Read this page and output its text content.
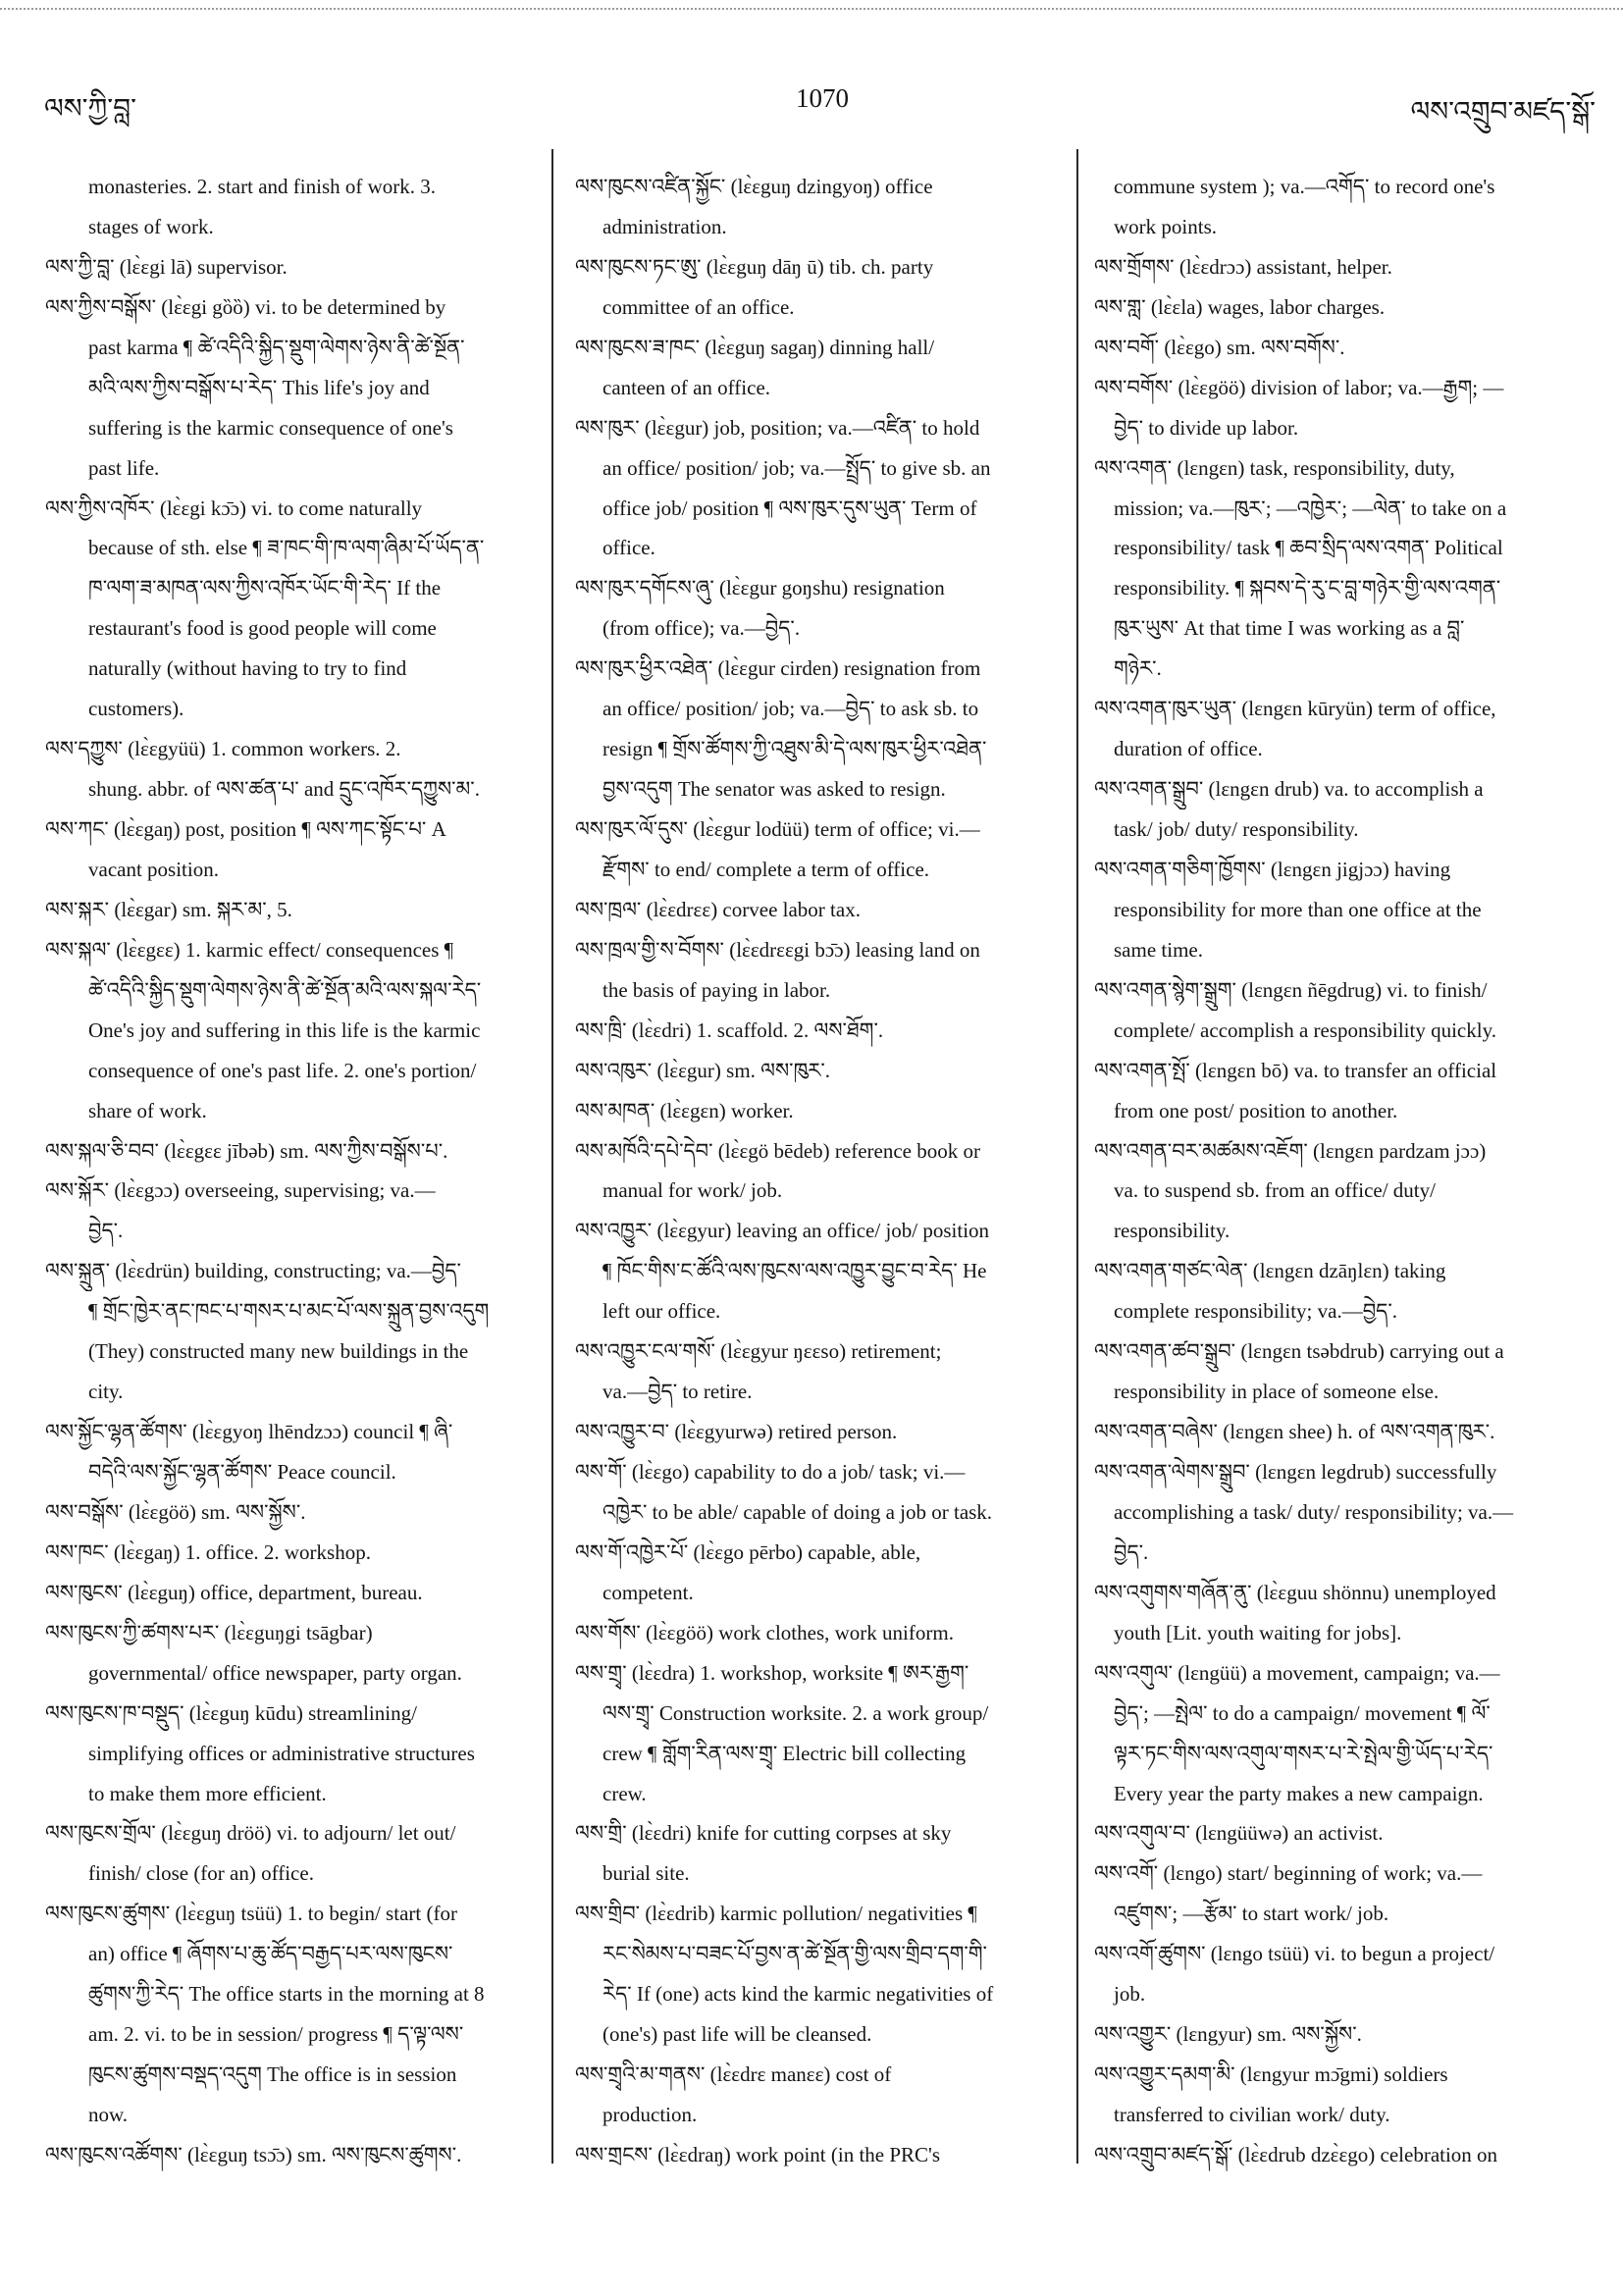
ལས་ཀྱི་བླ་	1070	ལས་འགྲུབ་མཛད་སྒོ་
monasteries. 2. start and finish of work. 3.
stages of work.
ལས་ཀྱི་བླ་ (lɛ̀ɛgi lā) supervisor.
ལས་ཀྱིས་བསྒོས་ (lɛ̀ɛgi gȍȍ) vi. to be determined by
past karma ¶ ཚེ་འདིའི་སྐྱིད་སྡུག་ལེགས་ཉེས་ནི་ཚེ་སྔོན་
མའི་ལས་ཀྱིས་བསྒོས་པ་རེད་ This life's joy and
suffering is the karmic consequence of one's
past life.
ལས་ཀྱིས་འཁོར་ (lɛ̀ɛgi kɔ̄ɔ) vi. to come naturally
because of sth. else ¶ ཟ་ཁང་གི་ཁ་ལག་ཞིམ་པོ་ཡོད་ན་
ཁ་ལག་ཟ་མཁན་ལས་ཀྱིས་འཁོར་ཡོང་གི་རེད་ If the
restaurant's food is good people will come
naturally (without having to try to find
customers).
ལས་དཀྱུས་ (lɛ̀ɛgyüü) 1. common workers. 2.
shung. abbr. of ལས་ཚན་པ་ and དྲུང་འཁོར་དཀྱུས་མ་.
ལས་ཀང་ (lɛ̀ɛgaŋ) post, position ¶ ལས་ཀང་སྟོང་པ་ A
vacant position.
ལས་སྐར་ (lɛ̀ɛgar) sm. སྐར་མ་, 5.
ལས་སྐལ་ (lɛ̀ɛgɛɛ) 1. karmic effect/ consequences ¶
ཚེ་འདིའི་སྐྱིད་སྡུག་ལེགས་ཉེས་ནི་ཚེ་སྔོན་མའི་ལས་སྐལ་རེད་
One's joy and suffering in this life is the karmic
consequence of one's past life. 2. one's portion/
share of work.
ལས་སྐལ་ཅི་བབ་ (lɛ̀ɛgɛɛ jībəb) sm. ལས་ཀྱིས་བསྒོས་པ་.
ལས་སྐོར་ (lɛ̀ɛgɔɔ) overseeing, supervising; va.—
བྱེད་.
ལས་སྐྲུན་ (lɛ̀ɛdrün) building, constructing; va.—བྱེད་
¶ གྲོང་ཁྱེར་ནང་ཁང་པ་གསར་པ་མང་པོ་ལས་སྐྲུན་བྱས་འདུག
(They) constructed many new buildings in the
city.
ལས་སྐྱོང་ལྷན་ཚོགས་ (lɛ̀ɛgyoŋ lhēndzɔɔ) council ¶ ཞི་
བདེའི་ལས་སྐྱོང་ལྷན་ཚོགས་ Peace council.
ལས་བསྒོས་ (lɛ̀ɛgöö) sm. ལས་སྐྱོས་.
ལས་ཁང་ (lɛ̀ɛgaŋ) 1. office. 2. workshop.
ལས་ཁུངས་ (lɛ̀ɛguŋ) office, department, bureau.
ལས་ཁུངས་ཀྱི་ཚགས་པར་ (lɛ̀ɛguŋgi tsāgbar)
governmental/ office newspaper, party organ.
ལས་ཁུངས་ཁ་བསྡུད་ (lɛ̀ɛguŋ kūdu) streamlining/
simplifying offices or administrative structures
to make them more efficient.
ལས་ཁུངས་གྲོལ་ (lɛ̀ɛguŋ dröö) vi. to adjourn/ let out/
finish/ close (for an) office.
ལས་ཁུངས་ཚུགས་ (lɛ̀ɛguŋ tsüü) 1. to begin/ start (for
an) office ¶ ཞོགས་པ་ཆུ་ཚོད་བརྒྱད་པར་ལས་ཁུངས་
ཚུགས་ཀྱི་རེད་ The office starts in the morning at 8
am. 2. vi. to be in session/ progress ¶ ད་ལྟ་ལས་
ཁུངས་ཚུགས་བསྡད་འདུག The office is in session
now.
ལས་ཁུངས་འཚོགས་ (lɛ̀ɛguŋ tsɔ̄ɔ) sm. ལས་ཁུངས་ཚུགས་.
ལས་ཁུངས་འཛིན་སྐྱོང་ (lɛ̀ɛguŋ dzingyoŋ) office
administration.
ལས་ཁུངས་ཏང་ཨུ་ (lɛ̀ɛguŋ dāŋ ū) tib. ch. party
committee of an office.
ལས་ཁུངས་ཟ་ཁང་ (lɛ̀ɛguŋ sagaŋ) dinning hall/
canteen of an office.
ལས་ཁུར་ (lɛ̀ɛgur) job, position; va.—འཛིན་ to hold
an office/ position/ job; va.—སྤྲོད་ to give sb. an
office job/ position ¶ ལས་ཁུར་དུས་ཡུན་ Term of
office.
ལས་ཁུར་དགོངས་ཞུ་ (lɛ̀ɛgur goŋshu) resignation
(from office); va.—བྱེད་.
ལས་ཁུར་ཕྱིར་འཐེན་ (lɛ̀ɛgur cirden) resignation from
an office/ position/ job; va.—བྱེད་ to ask sb. to
resign ¶ གྲོས་ཚོགས་ཀྱི་འཐུས་མི་དེ་ལས་ཁུར་ཕྱིར་འཐེན་
བྱས་འདུག The senator was asked to resign.
ལས་ཁུར་ལོ་དུས་ (lɛ̀ɛgur lodüü) term of office; vi.—
རྫོགས་ to end/ complete a term of office.
ལས་ཁྲལ་ (lɛ̀ɛdrɛɛ) corvee labor tax.
ལས་ཁྲལ་གྱི་ས་བོགས་ (lɛ̀ɛdrɛɛgi bɔ̄ɔ) leasing land on
the basis of paying in labor.
ལས་ཁྲི་ (lɛ̀ɛdri) 1. scaffold. 2. ལས་ཐོག་.
ལས་འཁུར་ (lɛ̀ɛgur) sm. ལས་ཁུར་.
ལས་མཁན་ (lɛ̀ɛgɛn) worker.
ལས་མཁོའི་དཔེ་དེབ་ (lɛ̀ɛgö bēdeb) reference book or
manual for work/ job.
ལས་འཁྱུར་ (lɛ̀ɛgyur) leaving an office/ job/ position
¶ ཁོང་གིས་ང་ཚོའི་ལས་ཁུངས་ལས་འཁྱུར་བྱུང་བ་རེད་ He
left our office.
ལས་འཁྱུར་ངལ་གསོ་ (lɛ̀ɛgyur ŋɛɛso) retirement;
va.—བྱེད་ to retire.
ལས་འཁྱུར་བ་ (lɛ̀ɛgyurwə) retired person.
ལས་གོ་ (lɛ̀ɛgo) capability to do a job/ task; vi.—
འཁྱེར་ to be able/ capable of doing a job or task.
ལས་གོ་འཁྱེར་པོ་ (lɛ̀ɛgo pērbo) capable, able,
competent.
ལས་གོས་ (lɛ̀ɛgöö) work clothes, work uniform.
ལས་གྲྭ་ (lɛ̀ɛdra) 1. workshop, worksite ¶ ཨར་རྒྱག་
ལས་གྲྭ་ Construction worksite. 2. a work group/
crew ¶ གློག་རིན་ལས་གྲྭ་ Electric bill collecting
crew.
ལས་གྲི་ (lɛ̀ɛdri) knife for cutting corpses at sky
burial site.
ལས་གྲིབ་ (lɛ̀ɛdrib) karmic pollution/ negativities ¶
རང་སེམས་པ་བཟང་པོ་བྱས་ན་ཚེ་སྔོན་གྱི་ལས་གྲིབ་དག་གི་
རེད་ If (one) acts kind the karmic negativities of
(one's) past life will be cleansed.
ལས་གྲྭའི་མ་གནས་ (lɛ̀ɛdrɛ manɛɛ) cost of
production.
ལས་གྲངས་ (lɛ̀ɛdraŋ) work point (in the PRC's
commune system ); va.—འགོད་ to record one's
work points.
ལས་གྲོགས་ (lɛ̀ɛdrɔɔ) assistant, helper.
ལས་གླ་ (lɛ̀ɛla) wages, labor charges.
ལས་བགོ་ (lɛ̀ɛgo) sm. ལས་བགོས་.
ལས་བགོས་ (lɛ̀ɛgöö) division of labor; va.—རྒྱག; —
བྱེད་ to divide up labor.
ལས་འགན་ (lɛngɛn) task, responsibility, duty,
mission; va.—ཁུར་; —འཁྱེར་; —ལེན་ to take on a
responsibility/ task ¶ ཆབ་སྲིད་ལས་འགན་ Political
responsibility. ¶ སྐབས་དེ་རུ་ང་བླ་གཉེར་གྱི་ལས་འགན་
ཁུར་ཡུས་ At that time I was working as a བླ་
གཉེར་.
ལས་འགན་ཁུར་ཡུན་ (lɛngɛn kūryün) term of office,
duration of office.
ལས་འགན་སྒྲུབ་ (lɛngɛn drub) va. to accomplish a
task/ job/ duty/ responsibility.
ལས་འགན་གཅིག་ཁྱོགས་ (lɛngɛn jigjɔɔ) having
responsibility for more than one office at the
same time.
ལས་འགན་སྙེག་སྒྲུག་ (lɛngɛn ñēgdrug) vi. to finish/
complete/ accomplish a responsibility quickly.
ལས་འགན་སྤོ་ (lɛngɛn bō) va. to transfer an official
from one post/ position to another.
ལས་འགན་བར་མཚམས་འཇོག་ (lɛngɛn pardzam jɔɔ)
va. to suspend sb. from an office/ duty/
responsibility.
ལས་འགན་གཙང་ལེན་ (lɛngɛn dzāŋlɛn) taking
complete responsibility; va.—བྱེད་.
ལས་འགན་ཚབ་སྒྲུབ་ (lɛngɛn tsəbdrub) carrying out a
responsibility in place of someone else.
ལས་འགན་བཞེས་ (lɛngɛn shee) h. of ལས་འགན་ཁུར་.
ལས་འགན་ལེགས་སྒྲུབ་ (lɛngɛn legdrub) successfully
accomplishing a task/ duty/ responsibility; va.—
བྱེད་.
ལས་འགུགས་གཞོན་ནུ་ (lɛ̀ɛguu shönnu) unemployed
youth [Lit. youth waiting for jobs].
ལས་འགུལ་ (lɛngüü) a movement, campaign; va.—
བྱེད་; —སྤེལ་ to do a campaign/ movement ¶ ལོ་
ལྟར་ཏང་གིས་ལས་འགུལ་གསར་པ་རེ་སྤེལ་གྱི་ཡོད་པ་རེད་
Every year the party makes a new campaign.
ལས་འགུལ་བ་ (lɛngüüwə) an activist.
ལས་འགོ་ (lɛngo) start/ beginning of work; va.—
འཛུགས་; —རྩོམ་ to start work/ job.
ལས་འགོ་ཚུགས་ (lɛngo tsüü) vi. to begun a project/
job.
ལས་འགྱུར་ (lɛngyur) sm. ལས་སྐྱོས་.
ལས་འགྱུར་དམག་མི་ (lɛngyur mɔ̄gmi) soldiers
transferred to civilian work/ duty.
ལས་འགྲུབ་མཛད་སྒོ་ (lɛ̀ɛdrub dzɛ̀ɛgo) celebration on
